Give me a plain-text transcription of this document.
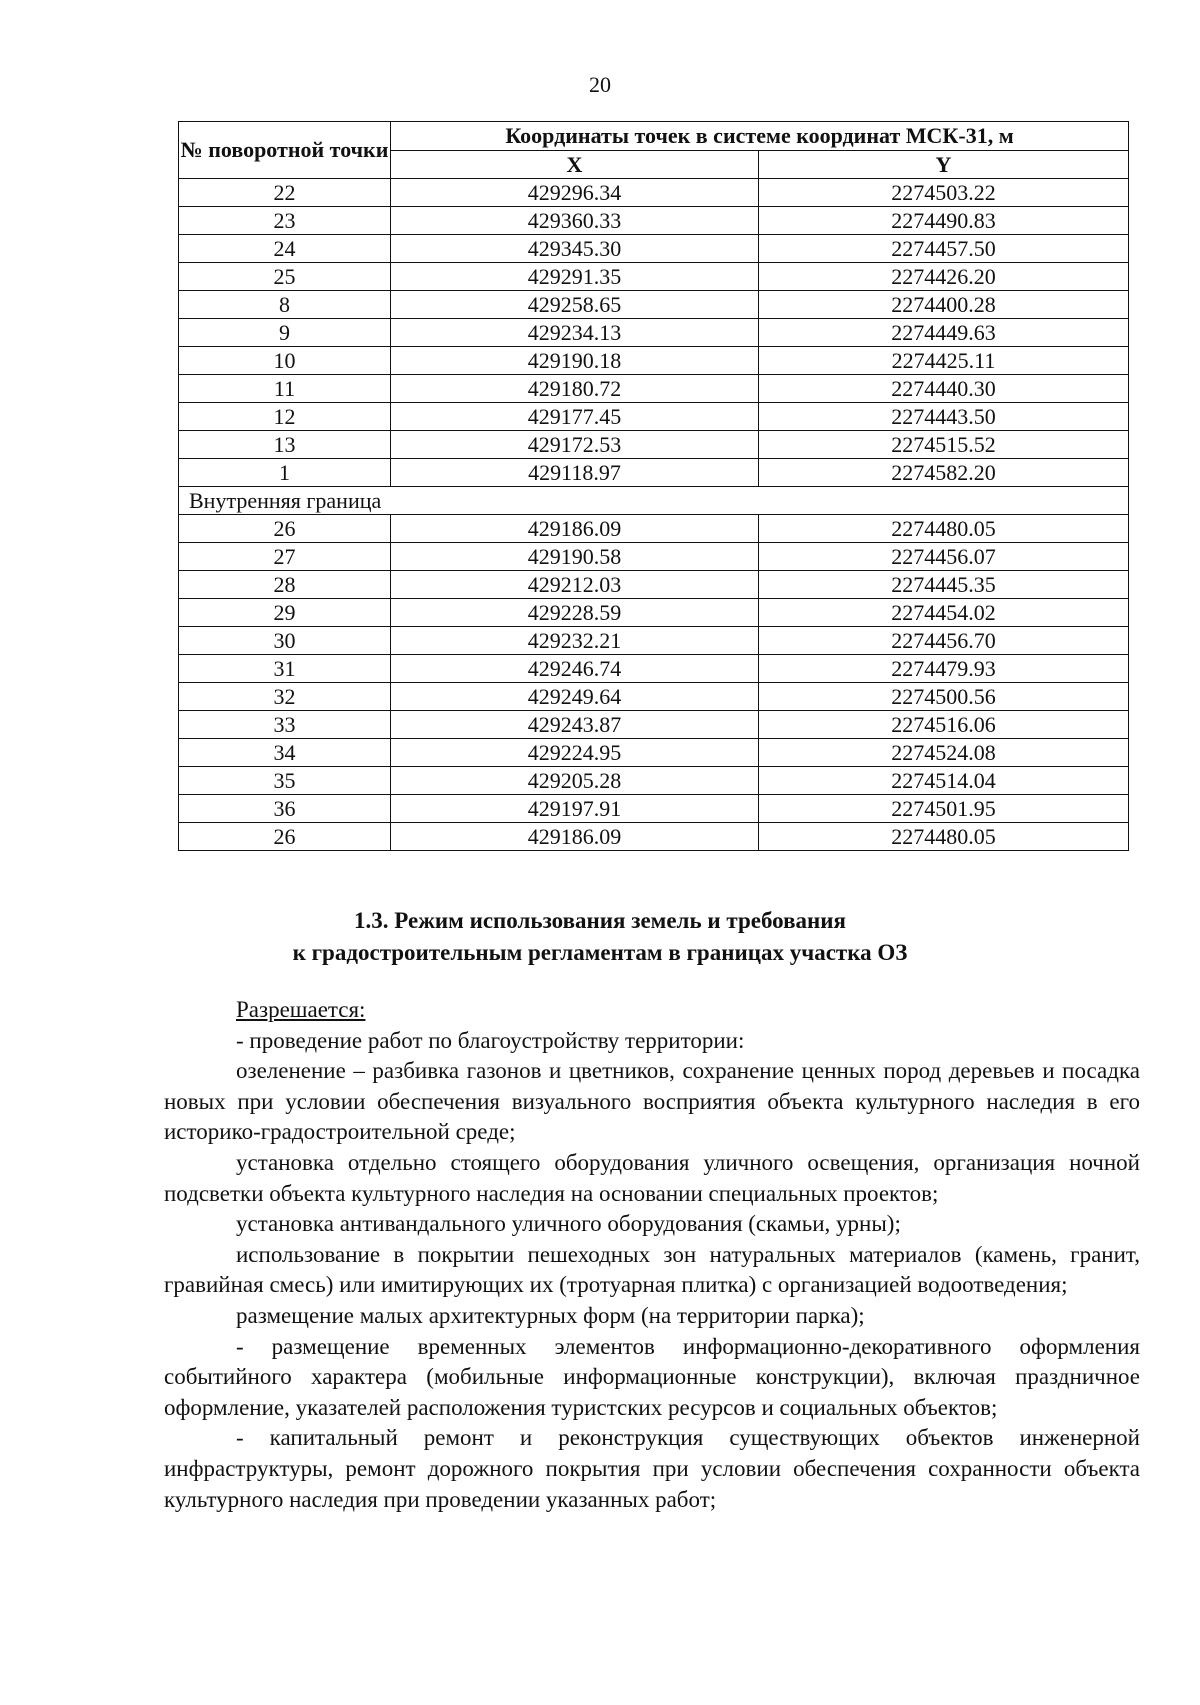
20
№ поворотной точки	Координаты точек в системе координат МСК-31, м	
	X	Y
22	429296.34	2274503.22
23	429360.33	2274490.83
24	429345.30	2274457.50
25	429291.35	2274426.20
8	429258.65	2274400.28
9	429234.13	2274449.63
10	429190.18	2274425.11
11	429180.72	2274440.30
12	429177.45	2274443.50
13	429172.53	2274515.52
1	429118.97	2274582.20
Внутренняя граница		
26	429186.09	2274480.05
27	429190.58	2274456.07
28	429212.03	2274445.35
29	429228.59	2274454.02
30	429232.21	2274456.70
31	429246.74	2274479.93
32	429249.64	2274500.56
33	429243.87	2274516.06
34	429224.95	2274524.08
35	429205.28	2274514.04
36	429197.91	2274501.95
26	429186.09	2274480.05
1.3. Режим использования земель и требования
к градостроительным регламентам в границах участка ОЗ

Разрешается:

- проведение работ по благоустройству территории:

озеленение – разбивка газонов и цветников, сохранение ценных пород деревьев и посадка новых при условии обеспечения визуального восприятия объекта культурного наследия в его историко-градостроительной среде;

установка отдельно стоящего оборудования уличного освещения, организация ночной подсветки объекта культурного наследия на основании специальных проектов;

установка антивандального уличного оборудования (скамьи, урны);

использование в покрытии пешеходных зон натуральных материалов (камень, гранит, гравийная смесь) или имитирующих их (тротуарная плитка) с организацией водоотведения;

размещение малых архитектурных форм (на территории парка);

- размещение временных элементов информационно-декоративного оформления событийного характера (мобильные информационные конструкции), включая праздничное оформление, указателей расположения туристских ресурсов и социальных объектов;

- капитальный ремонт и реконструкция существующих объектов инженерной инфраструктуры, ремонт дорожного покрытия при условии обеспечения сохранности объекта культурного наследия при проведении указанных работ;
